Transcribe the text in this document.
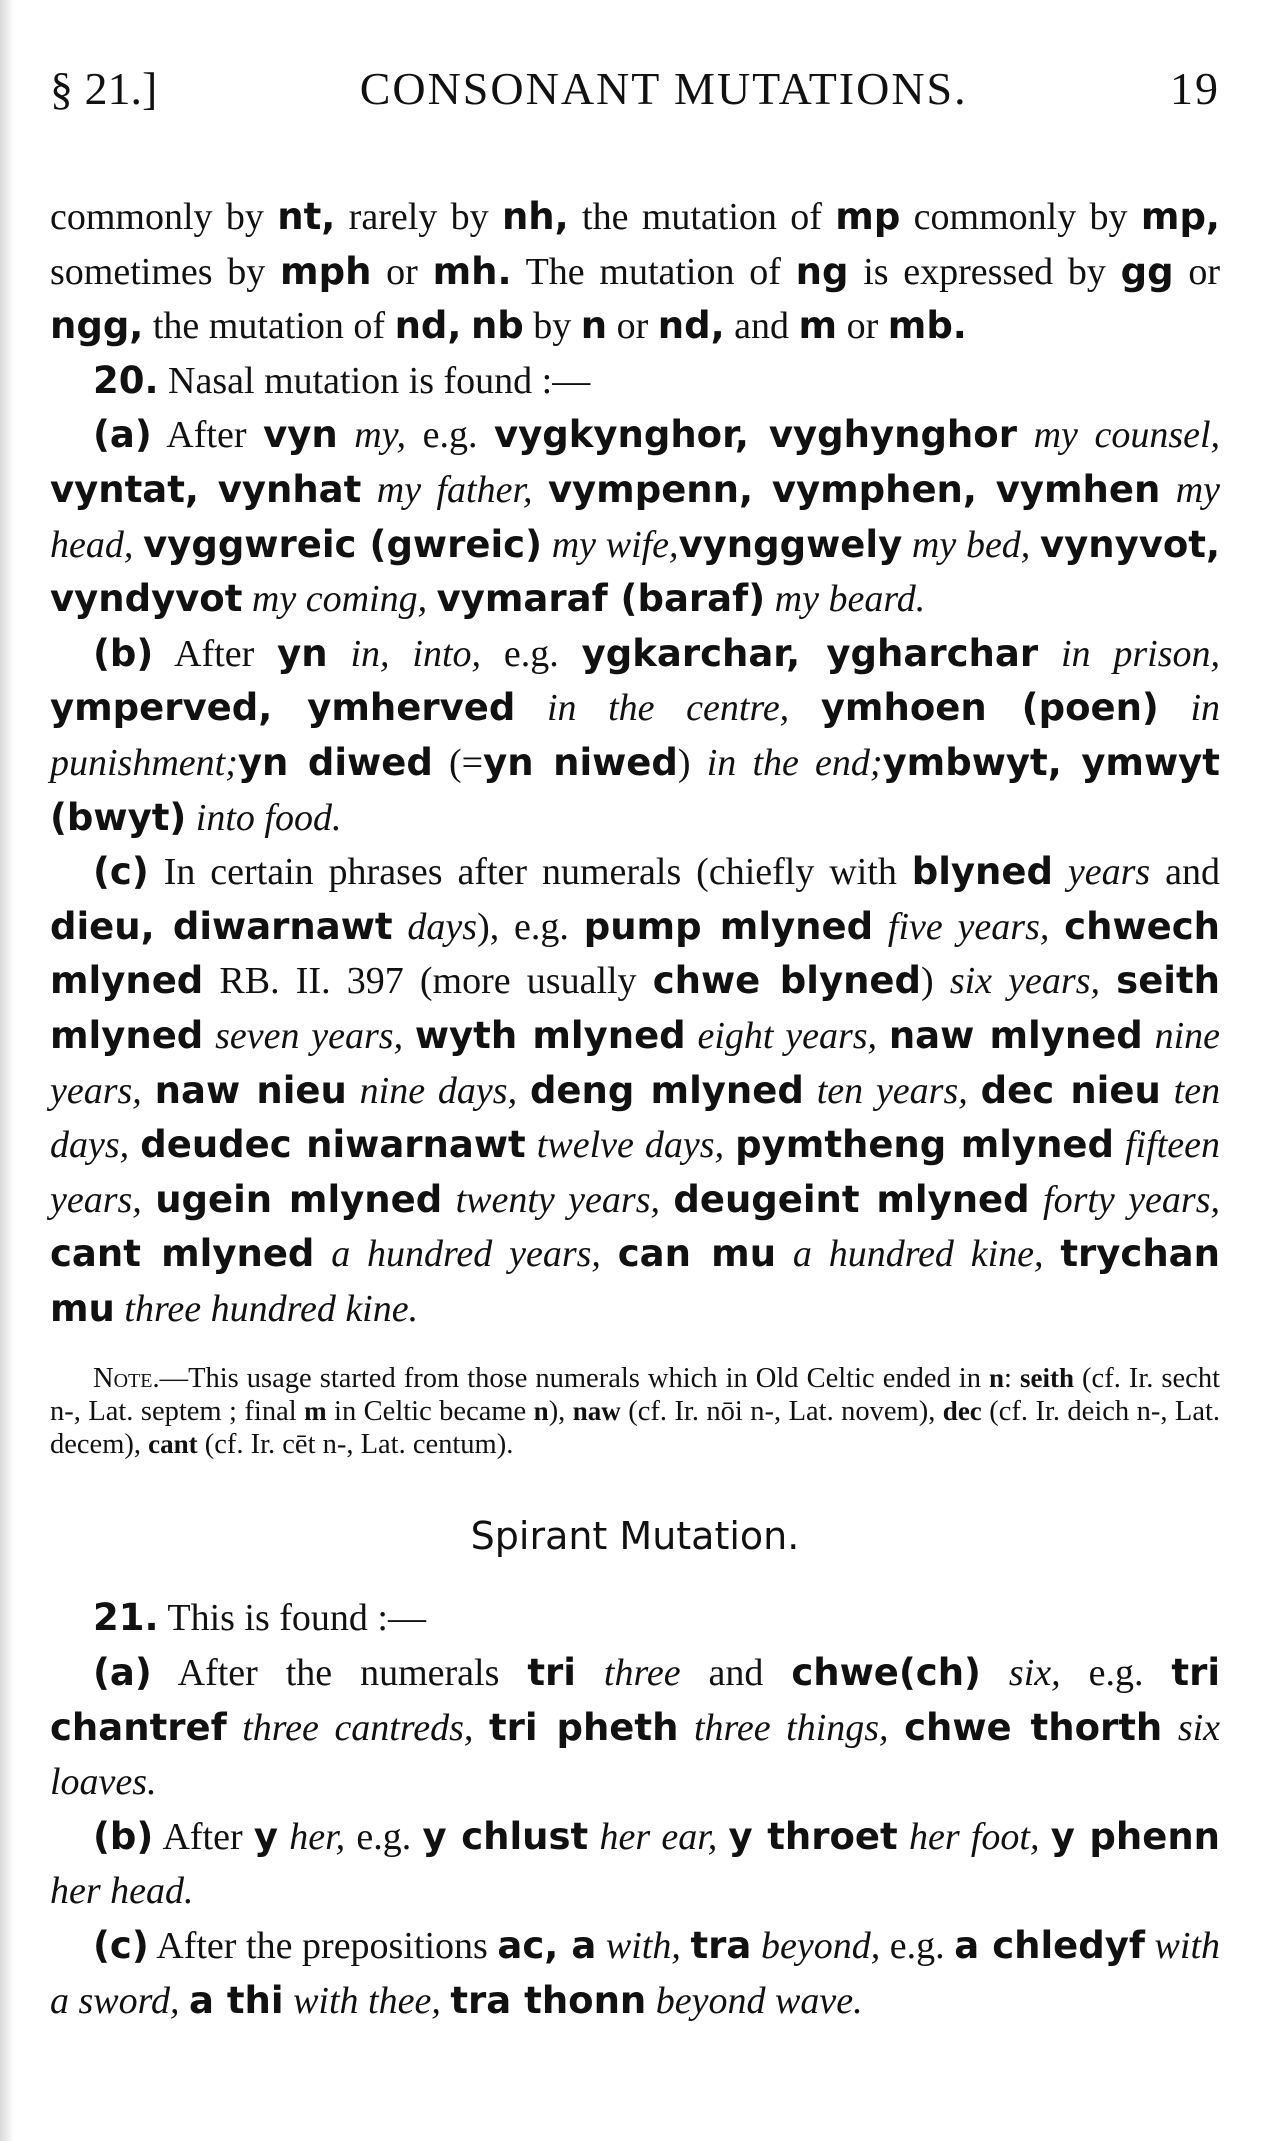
§ 21.]	CONSONANT MUTATIONS.	19

commonly by nt, rarely by nh, the mutation of mp commonly by mp, sometimes by mph or mh. The mutation of ng is expressed by gg or ngg, the mutation of nd, nb by n or nd, and m or mb.

20. Nasal mutation is found :—

(a) After vyn my, e.g. vygkynghor, vyghynghor my counsel, vyntat, vynhat my father, vympenn, vymphen, vymhen my head, vyggwreic (gwreic) my wife,vynggwely my bed, vynyvot, vyndyvot my coming, vymaraf (baraf) my beard.

(b) After yn in, into, e.g. ygkarchar, ygharchar in prison, ymperved, ymherved in the centre, ymhoen (poen) in punishment;yn diwed (=yn niwed) in the end;ymbwyt, ymwyt (bwyt) into food.

(c) In certain phrases after numerals (chiefly with blyned years and dieu, diwarnawt days), e.g. pump mlyned five years, chwech mlyned RB. II. 397 (more usually chwe blyned) six years, seith mlyned seven years, wyth mlyned eight years, naw mlyned nine years, naw nieu nine days, deng mlyned ten years, dec nieu ten days, deudec niwarnawt twelve days, pymtheng mlyned fifteen years, ugein mlyned twenty years, deugeint mlyned forty years, cant mlyned a hundred years, can mu a hundred kine, trychan mu three hundred kine.

Note.—This usage started from those numerals which in Old Celtic ended in n: seith (cf. Ir. secht n-, Lat. septem ; final m in Celtic became n), naw (cf. Ir. nōi n-, Lat. novem), dec (cf. Ir. deich n-, Lat. decem), cant (cf. Ir. cēt n-, Lat. centum).

Spirant Mutation.

21. This is found :—

(a) After the numerals tri three and chwe(ch) six, e.g. tri chantref three cantreds, tri pheth three things, chwe thorth six loaves.

(b) After y her, e.g. y chlust her ear, y throet her foot, y phenn her head.

(c) After the prepositions ac, a with, tra beyond, e.g. a chledyf with a sword, a thi with thee, tra thonn beyond wave.
